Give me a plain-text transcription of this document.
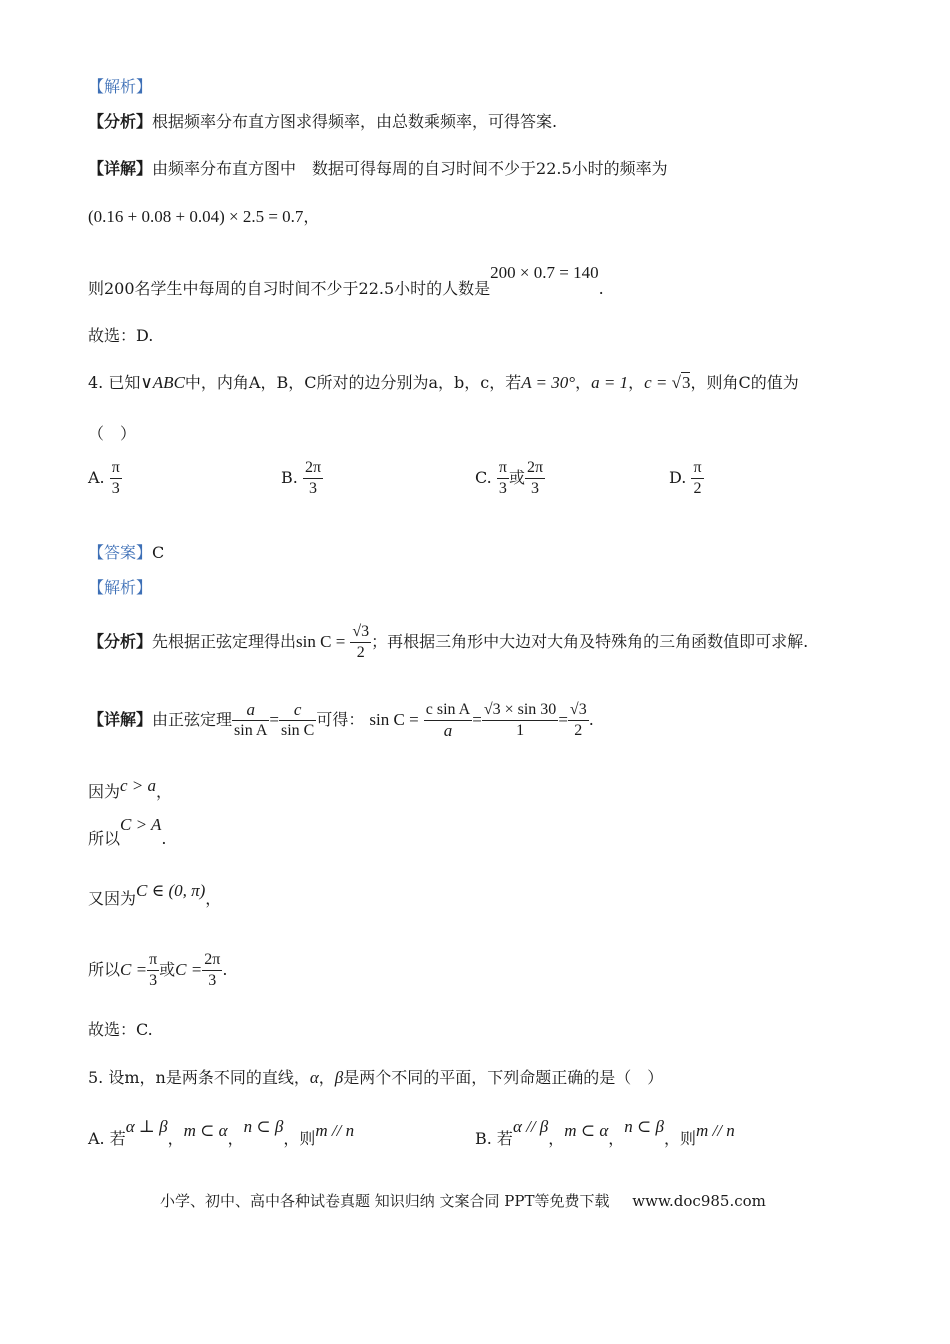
【解析】
【分析】根据频率分布直方图求得频率，由总数乘频率，可得答案.
【详解】由频率分布直方图中　数据可得每周的自习时间不少于22.5小时的频率为
(0.16 + 0.08 + 0.04) × 2.5 = 0.7，
则200名学生中每周的自习时间不少于22.5小时的人数是200 × 0.7 = 140.
故选：D.
4. 已知∨ABC中，内角A，B，C所对的边分别为a，b，c，若A = 30°，a = 1，c = √3，则角C的值为
（　）
A. $\frac{\pi}{3}$	B. $\frac{2\pi}{3}$	C. $\frac{\pi}{3}$ 或 $\frac{2\pi}{3}$	D. $\frac{\pi}{2}$
【答案】C
【解析】
【分析】先根据正弦定理得出$\sin C = \frac{√3}{2}$ ；再根据三角形中大边对大角及特殊角的三角函数值即可求解.
【详解】由正弦定理 $\frac{a}{\text{sin A}} = \frac{c}{\text{sin C}}$ 可得： $\sin C = \frac{\text{c sin A}}{a} = \frac{√3 \times \sin 30}{1} = \frac{√3}{2}$ .
因为c > a，
所以C > A.
又因为C ∈ (0, π)，
所以$C = \frac{\pi}{3}$ 或$C = \frac{2\pi}{3}$ .
故选：C.
5. 设m，n是两条不同的直线，α，β是两个不同的平面，下列命题正确的是（　）
A. 若α ⊥ β，m ⊂ α，n ⊂ β，则m // n	B. 若α // β，m ⊂ α，n ⊂ β，则m // n
小学、初中、高中各种试卷真题 知识归纳 文案合同 PPT等免费下载 www.doc985.com
